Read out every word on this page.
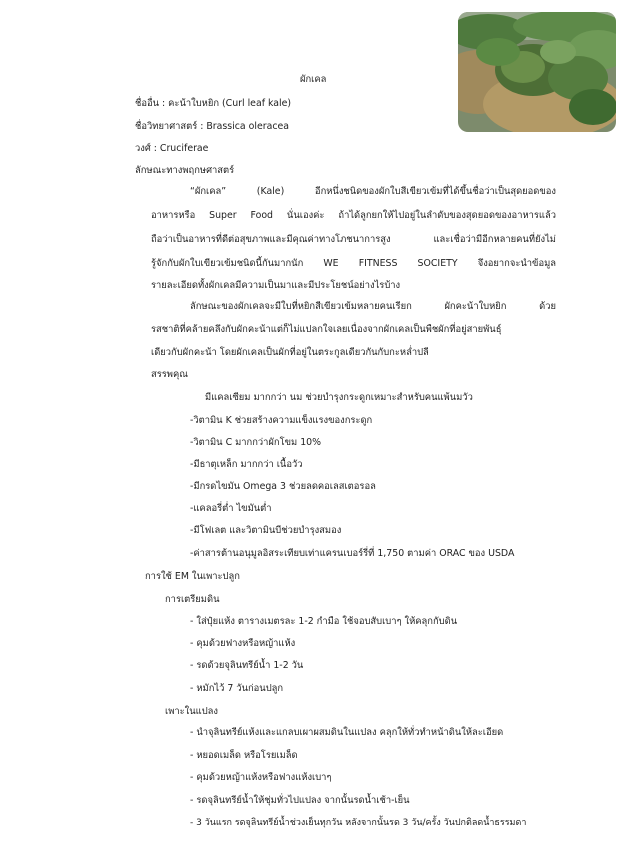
ผักเคล
ชื่ออื่น : คะน้าใบหยิก (Curl leaf kale)
ชื่อวิทยาศาสตร์ : Brassica oleracea
วงศ์ : Cruciferae
ลักษณะทางพฤกษศาสตร์
“ผักเคล” (Kale) อีกหนึ่งชนิดของผักใบสีเขียวเข้มที่ได้ขึ้นชื่อว่าเป็นสุดยอดของ
อาหารหรือ Super Food นั่นเองค่ะ ถ้าได้ลูกยกให้ไปอยู่ในลำดับของสุดยอดของอาหารแล้ว
ถือว่าเป็นอาหารที่ดีต่อสุขภาพและมีคุณค่าทางโภชนาการสูง และเชื่อว่ามีอีกหลายคนที่ยังไม่
รู้จักกับผักใบเขียวเข้มชนิดนี้กันมากนัก WE FITNESS SOCIETY จึงอยากจะนำข้อมูล
รายละเอียดทั้งผักเคลมีความเป็นมาและมีประโยชน์อย่างไรบ้าง
ลักษณะของผักเคลจะมีใบที่หยิกสีเขียวเข้มหลายคนเรียก ผักคะน้าใบหยิก ด้วย
รสชาติที่คล้ายคลึงกับผักคะน้าแต่ก็ไม่แปลกใจเลยเนื่องจากผักเคลเป็นพืชผักที่อยู่สายพันธุ์
เดียวกับผักคะน้า โดยผักเคลเป็นผักที่อยู่ในตระกูลเดียวกันกับกะหล่ำปลี
สรรพคุณ
มีแคลเซียม มากกว่า นม ช่วยบำรุงกระดูกเหมาะสำหรับคนแพ้นมวัว
-วิตามิน K ช่วยสร้างความแข็งแรงของกระดูก
-วิตามิน C มากกว่าผักโขม 10%
-มีธาตุเหล็ก มากกว่า เนื้อวัว
-มีกรดไขมัน Omega 3 ช่วยลดคอเลสเตอรอล
-แคลอรี่ต่ำ ไขมันต่ำ
-มีโฟเลต และวิตามินบีช่วยบำรุงสมอง
-ค่าสารต้านอนุมูลอิสระเทียบเท่าแครนเบอร์รี่ที่ 1,750 ตามค่า ORAC ของ USDA
การใช้ EM ในเพาะปลูก
การเตรียมดิน
- ใส่ปุ๋ยแห้ง ตารางเมตรละ 1-2 กำมือ ใช้จอบสับเบาๆ ให้คลุกกับดิน
- คุมด้วยฟางหรือหญ้าแห้ง
- รดด้วยจุลินทรีย์น้ำ 1-2 วัน
- หมักไว้ 7 วันก่อนปลูก
เพาะในแปลง
- นำจุลินทรีย์แห้งและแกลบเผาผสมดินในแปลง คลุกให้ทั่วทำหน้าดินให้ละเอียด
- หยอดเมล็ด หรือโรยเมล็ด
- คุมด้วยหญ้าแห้งหรือฟางแห้งเบาๆ
- รดจุลินทรีย์น้ำให้ชุ่มทั่วไปแปลง จากนั้นรดน้ำเช้า-เย็น
- 3 วันแรก รดจุลินทรีย์น้ำช่วงเย็นทุกวัน หลังจากนั้นรด 3 วัน/ครั้ง วันปกติลดน้ำธรรมดา
